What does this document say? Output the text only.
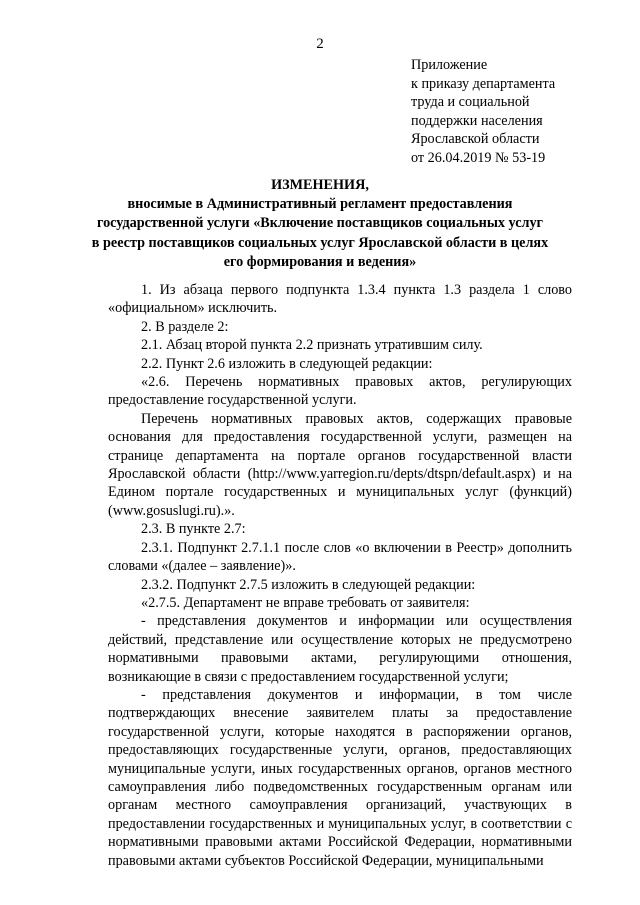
2
Приложение
к приказу департамента
труда и социальной
поддержки населения
Ярославской области
от 26.04.2019 № 53-19
ИЗМЕНЕНИЯ,
вносимые в Административный регламент предоставления
государственной услуги «Включение поставщиков социальных услуг
в реестр поставщиков социальных услуг Ярославской области в целях
его формирования и ведения»

1. Из абзаца первого подпункта 1.3.4 пункта 1.3 раздела 1 слово «официальном» исключить.

2. В разделе 2:

2.1. Абзац второй пункта 2.2 признать утратившим силу.

2.2. Пункт 2.6 изложить в следующей редакции:

«2.6. Перечень нормативных правовых актов, регулирующих предоставление государственной услуги.

Перечень нормативных правовых актов, содержащих правовые основания для предоставления государственной услуги, размещен на странице департамента на портале органов государственной власти Ярославской области (http://www.yarregion.ru/depts/dtspn/default.aspx) и на Едином портале государственных и муниципальных услуг (функций) (www.gosuslugi.ru).».

2.3. В пункте 2.7:

2.3.1. Подпункт 2.7.1.1 после слов «о включении в Реестр» дополнить словами «(далее – заявление)».

2.3.2. Подпункт 2.7.5 изложить в следующей редакции:

«2.7.5. Департамент не вправе требовать от заявителя:

- представления документов и информации или осуществления действий, представление или осуществление которых не предусмотрено нормативными правовыми актами, регулирующими отношения, возникающие в связи с предоставлением государственной услуги;

- представления документов и информации, в том числе подтверждающих внесение заявителем платы за предоставление государственной услуги, которые находятся в распоряжении органов, предоставляющих государственные услуги, органов, предоставляющих муниципальные услуги, иных государственных органов, органов местного самоуправления либо подведомственных государственным органам или органам местного самоуправления организаций, участвующих в предоставлении государственных и муниципальных услуг, в соответствии с нормативными правовыми актами Российской Федерации, нормативными правовыми актами субъектов Российской Федерации, муниципальными
